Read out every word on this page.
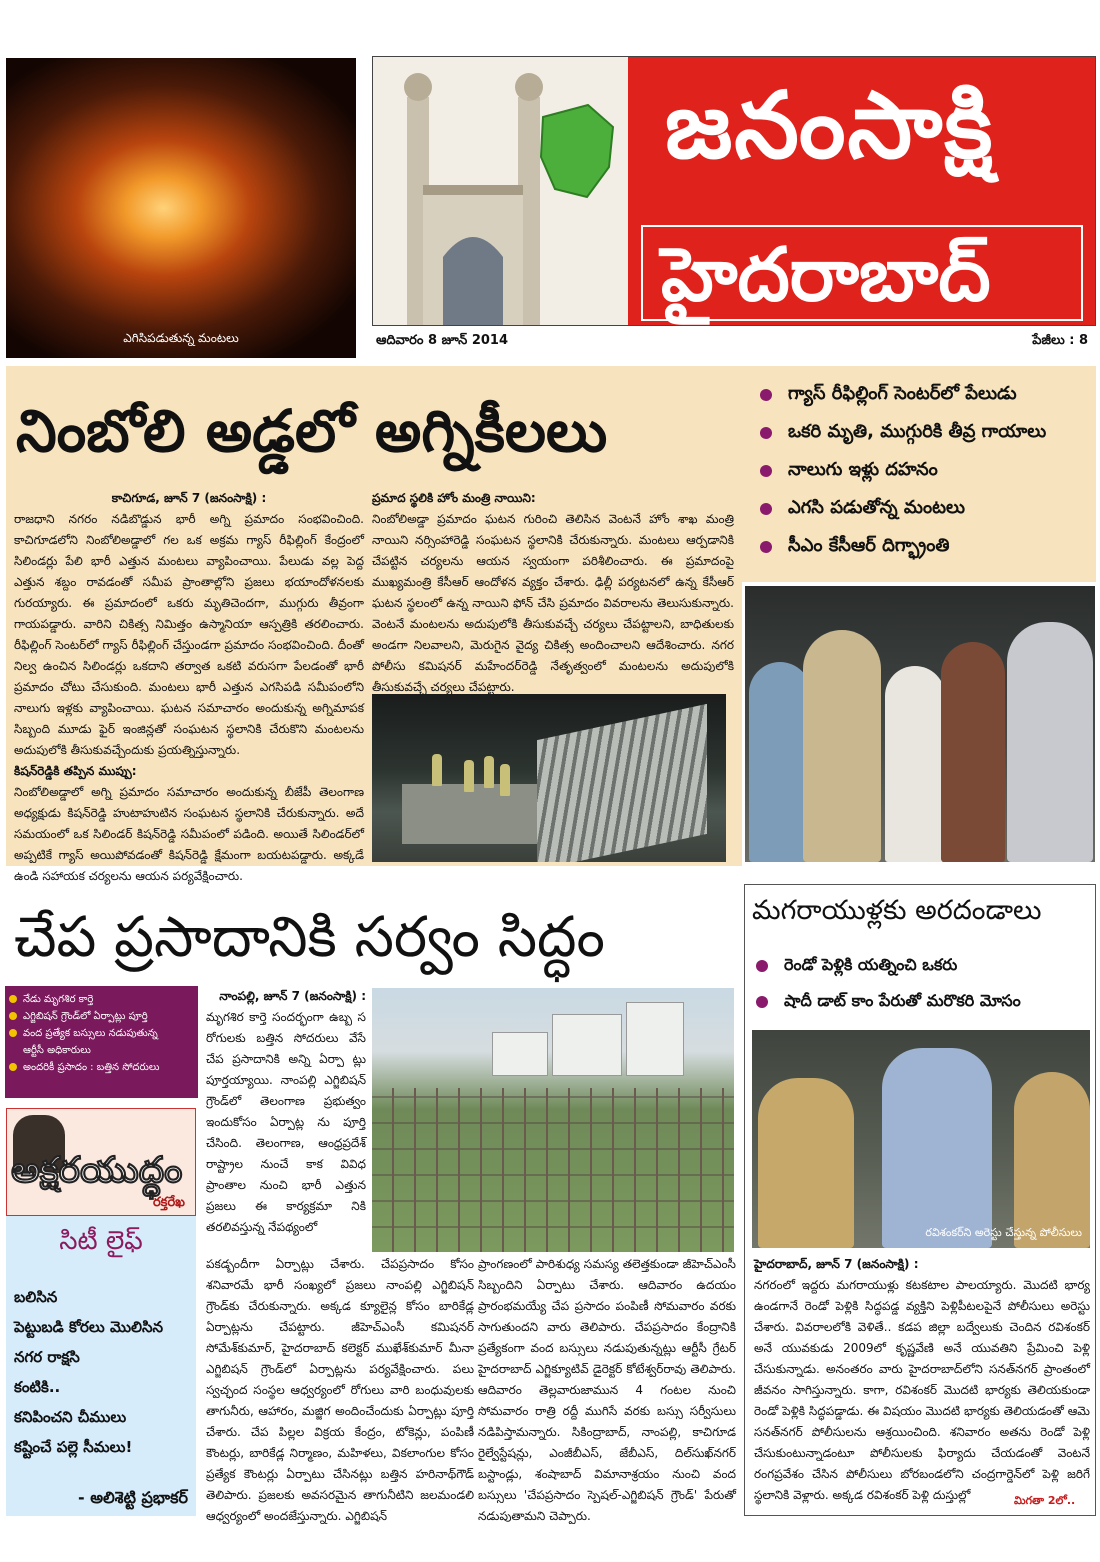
ఎగిసిపడుతున్న మంటలు
జనంసాక్షి
హైదరాబాద్
ఆదివారం 8 జూన్ 2014	పేజీలు : 8
నింబోలి అడ్డలో అగ్నికీలలు
గ్యాస్ రీఫిల్లింగ్ సెంటర్‌లో పేలుడు
ఒకరి మృతి, ముగ్గురికి తీవ్ర గాయాలు
నాలుగు ఇళ్లు దహనం
ఎగసి పడుతోన్న మంటలు
సీఎం కేసీఆర్ దిగ్భ్రాంతి
కాచిగూడ, జూన్ 7 (జనంసాక్షి) :

రాజధాని నగరం నడిబొడ్డున భారీ అగ్ని ప్రమాదం సంభవించింది. కాచిగూడలోని నింబోలిఅడ్డాలో గల ఒక అక్రమ గ్యాస్ రీఫిల్లింగ్ కేంద్రంలో సిలిండర్లు పేలి భారీ ఎత్తున మంటలు వ్యాపించాయి. పేలుడు వల్ల పెద్ద ఎత్తున శబ్దం రావడంతో సమీప ప్రాంతాల్లోని ప్రజలు భయాందోళనలకు గురయ్యారు. ఈ ప్రమాదంలో ఒకరు మృతిచెందగా, ముగ్గురు తీవ్రంగా గాయపడ్డారు. వారిని చికిత్స నిమిత్తం ఉస్మానియా ఆస్పత్రికి తరలించారు. రీఫిల్లింగ్ సెంటర్‌లో గ్యాస్ రీఫిల్లింగ్ చేస్తుండగా ప్రమాదం సంభవించింది. దీంతో నిల్వ ఉంచిన సిలిండర్లు ఒకదాని తర్వాత ఒకటి వరుసగా పేలడంతో భారీ ప్రమాదం చోటు చేసుకుంది. మంటలు భారీ ఎత్తున ఎగసిపడి సమీపంలోని నాలుగు ఇళ్లకు వ్యాపించాయి. ఘటన సమాచారం అందుకున్న అగ్నిమాపక సిబ్బంది మూడు ఫైర్ ఇంజిన్లతో సంఘటన స్థలానికి చేరుకొని మంటలను అదుపులోకి తీసుకువచ్చేందుకు ప్రయత్నిస్తున్నారు.

కిషన్‌రెడ్డికి తప్పిన ముప్పు:

నింబోలిఅడ్డాలో అగ్ని ప్రమాదం సమాచారం అందుకున్న బీజేపీ తెలంగాణ అధ్యక్షుడు కిషన్‌రెడ్డి హుటాహుటిన సంఘటన స్థలానికి చేరుకున్నారు. అదే సమయంలో ఒక సిలిండర్ కిషన్‌రెడ్డి సమీపంలో పడింది. అయితే సిలిండర్‌లో అప్పటికే గ్యాస్ అయిపోవడంతో కిషన్‌రెడ్డి క్షేమంగా బయటపడ్డారు. అక్కడే ఉండి సహాయక చర్యలను ఆయన పర్యవేక్షించారు.

ప్రమాద స్థలికి హోం మంత్రి నాయిని:

నింబోలిఅడ్డా ప్రమాదం ఘటన గురించి తెలిసిన వెంటనే హోం శాఖ మంత్రి నాయిని నర్సింహారెడ్డి సంఘటన స్థలానికి చేరుకున్నారు. మంటలు ఆర్పడానికి చేపట్టిన చర్యలను ఆయన స్వయంగా పరిశీలించారు. ఈ ప్రమాదంపై ముఖ్యమంత్రి కేసీఆర్ ఆందోళన వ్యక్తం చేశారు. ఢిల్లీ పర్యటనలో ఉన్న కేసీఆర్ ఘటన స్థలంలో ఉన్న నాయిని ఫోన్ చేసి ప్రమాదం వివరాలను తెలుసుకున్నారు. వెంటనే మంటలను అదుపులోకి తీసుకువచ్చే చర్యలు చేపట్టాలని, బాధితులకు అండగా నిలవాలని, మెరుగైన వైద్య చికిత్స అందించాలని ఆదేశించారు. నగర పోలీసు కమిషనర్ మహేందర్‌రెడ్డి నేతృత్వంలో మంటలను అదుపులోకి తీసుకువచ్చే చర్యలు చేపట్టారు.

చేప ప్రసాదానికి సర్వం సిద్ధం
నేడు మృగశిర కార్తె
ఎగ్జిబిషన్ గ్రౌండ్‌లో ఏర్పాట్లు పూర్తి
వంద ప్రత్యేక బస్సులు నడుపుతున్న
ఆర్టీసీ అధికారులు
అందరికీ ప్రసాదం : బత్తిన సోదరులు
అక్షరయుద్ధం
రక్తరేఖ
సిటీ లైఫ్
బలిసిన
పెట్టుబడి కోరలు మొలిసిన
నగర రాక్షసి
కంటికి..
కనిపించని చీములు
కష్టించే పల్లె సీమలు!
- అలిశెట్టి ప్రభాకర్
నాంపల్లి, జూన్ 7 (జనంసాక్షి) :

మృగశిర కార్తె సందర్భంగా ఉబ్బ స రోగులకు బత్తిన సోదరులు వేసే చేప ప్రసాదానికి అన్ని ఏర్పా ట్లు పూర్తయ్యాయి. నాంపల్లి ఎగ్జిబిషన్ గ్రౌండ్‌లో తెలంగాణ ప్రభుత్వం ఇందుకోసం ఏర్పాట్ల ను పూర్తి చేసింది. తెలంగాణ, ఆంధ్రప్రదేశ్ రాష్ట్రాల నుంచే కాక వివిధ ప్రాంతాల నుంచి భారీ ఎత్తున ప్రజలు ఈ కార్యక్రమా నికి తరలివస్తున్న నేపథ్యంలో

పకడ్బందీగా ఏర్పాట్లు చేశారు. చేపప్రసాదం కోసం శనివారమే భారీ సంఖ్యలో ప్రజలు నాంపల్లి ఎగ్జిబిషన్ గ్రౌండ్‌కు చేరుకున్నారు. అక్కడ క్యూలైన్ల కోసం బారికేడ్ల ఏర్పాట్లను చేపట్టారు. జీహెచ్‌ఎంసీ కమిషనర్ సోమేశ్‌కుమార్, హైదరాబాద్ కలెక్టర్ ముఖేశ్‌కుమార్ మీనా ఎగ్జిబిషన్ గ్రౌండ్‌లో ఏర్పాట్లను పర్యవేక్షించారు. పలు స్వచ్ఛంద సంస్థల ఆధ్వర్యంలో రోగులు వారి బంధువులకు తాగునీరు, ఆహారం, మజ్జిగ అందించేందుకు ఏర్పాట్లు పూర్తి చేశారు. చేప పిల్లల విక్రయ కేంద్రం, టోకెన్లు, పంపిణీ కౌంటర్లు, బారికేడ్ల నిర్మాణం, మహిళలు, వికలాంగుల కోసం ప్రత్యేక కౌంటర్లు ఏర్పాటు చేసినట్లు బత్తిన హరినాథ్‌గౌడ్ తెలిపారు. ప్రజలకు అవసరమైన తాగునీటిని జలమండలి ఆధ్వర్యంలో అందజేస్తున్నారు. ఎగ్జిబిషన్

ప్రాంగణంలో పారిశుధ్య సమస్య తలెత్తకుండా జీహెచ్‌ఎంసీ సిబ్బందిని ఏర్పాటు చేశారు. ఆదివారం ఉదయం ప్రారంభమయ్యే చేప ప్రసాదం పంపిణీ సోమవారం వరకు సాగుతుందని వారు తెలిపారు. చేపప్రసాదం కేంద్రానికి ప్రత్యేకంగా వంద బస్సులు నడుపుతున్నట్లు ఆర్టీసీ గ్రేటర్ హైదరాబాద్ ఎగ్జిక్యూటివ్ డైరెక్టర్ కోటేశ్వర్‌రావు తెలిపారు. ఆదివారం తెల్లవారుజామున 4 గంటల నుంచి సోమవారం రాత్రి రద్దీ ముగిసే వరకు బస్సు సర్వీసులు నడిపిస్తామన్నారు. సికింద్రాబాద్, నాంపల్లి, కాచిగూడ రైల్వేస్టేషన్లు, ఎంజీబీఎస్, జేబీఎస్, దిల్‌సుఖ్‌నగర్ బస్టాండ్లు, శంషాబాద్ విమానాశ్రయం నుంచి వంద బస్సులు 'చేపప్రసాదం స్పెషల్-ఎగ్జిబిషన్ గ్రౌండ్' పేరుతో నడుపుతామని చెప్పారు.

మగరాయుళ్లకు అరదండాలు
రెండో పెళ్లికి యత్నించి ఒకరు
షాదీ డాట్ కాం పేరుతో మరొకరి మోసం
రవిశంకర్‌ని అరెస్టు చేస్తున్న పోలీసులు
హైదరాబాద్, జూన్ 7 (జనంసాక్షి) :

నగరంలో ఇద్దరు మగరాయుళ్లు కటకటాల పాలయ్యారు. మొదటి భార్య ఉండగానే రెండో పెళ్లికి సిద్ధపడ్డ వ్యక్తిని పెళ్లిపీటలపైనే పోలీసులు అరెస్టు చేశారు. వివరాలలోకి వెళితే.. కడప జిల్లా బద్వేలుకు చెందిన రవిశంకర్ అనే యువకుడు 2009లో కృష్ణవేణి అనే యువతిని ప్రేమించి పెళ్లి చేసుకున్నాడు. అనంతరం వారు హైదరాబాద్‌లోని సనత్‌నగర్ ప్రాంతంలో జీవనం సాగిస్తున్నారు. కాగా, రవిశంకర్ మొదటి భార్యకు తెలియకుండా రెండో పెళ్లికి సిద్ధపడ్డాడు. ఈ విషయం మొదటి భార్యకు తెలియడంతో ఆమె సనత్‌నగర్ పోలీసులను ఆశ్రయించింది. శనివారం అతను రెండో పెళ్లి చేసుకుంటున్నాడంటూ పోలీసులకు ఫిర్యాదు చేయడంతో వెంటనే రంగప్రవేశం చేసిన పోలీసులు బోరబండలోని చంద్రగార్డెన్‌లో పెళ్లి జరిగే స్థలానికి వెళ్లారు. అక్కడ రవిశంకర్ పెళ్లి దుస్తుల్లో	మిగతా 2లో..
